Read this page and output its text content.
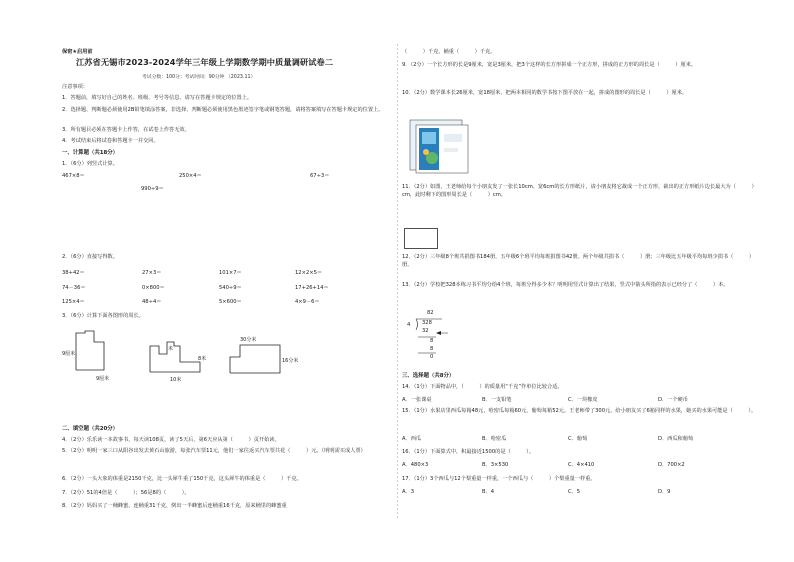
保密★启用前
江苏省无锡市2023-2024学年三年级上学期数学期中质量调研试卷二
考试分数：100分；考试时间：90分钟 （2023.11）
注意事项：
1．答题前，填写好自己的姓名、班级、考号等信息，请写在答题卡规定的位置上。
2．选择题、判断题必须使用2B铅笔填涂答案，非选择、判断题必须使用黑色墨迹签字笔或钢笔答题，请将答案填写在答题卡规定的位置上。
3．所有题目必须在答题卡上作答，在试卷上作答无效。
4．考试结束后将试卷和答题卡一并交回。
一、计算题（共18分）
1．（6分）列竖式计算。
467×8＝	250×4＝	67÷3＝
990÷9＝
2．（6分）直接写得数。
38+42＝	27×3＝	101×7＝	12×2×5＝
74－36＝	0×800＝	540÷9＝	17+26+14＝
125×4＝	48÷4＝	5×600＝	4×9－6＝
3．（6分）计算下面各图形的周长。
9厘米
9厘米
米
8米
10米
30分米
16分米
二、填空题（共20分）
4．（2分）乐乐读一本故事书，每天读108页，读了5天后，第6天应从第（　　　）页开始读。
5．（2分）明明一家三口从阳谷出发去黄石山旅游，每张汽车票11元，他们一家往返买汽车票共花（　　　）元。（明明需买成人票）
6．（2分）一头大象的体重是2150千克，比一头犀牛重了150千克，这头犀牛的体重是（　　　）千克。
7．（2分）51的4倍是（　　　）；56是8的（　　　）。
8．（2分）妈妈买了一桶蜂蜜，连桶重31千克，倒出一半蜂蜜后连桶重16千克，原来桶里的蜂蜜重
（　　　）千克，桶重（　　　）千克。
9．（2分）一个长方形的长是9厘米，宽是3厘米，把3个这样的长方形拼成一个正方形，拼成的正方形的周长是（　　　）厘米。
10．（2分）数学课本长26厘米，宽18厘米，把两本相同的数学书按下图平放在一起，拼成的图形的周长是（　　　）厘米。
11．（2分）如图，王老师给每个小朋友发了一张长10cm、宽6cm的长方形纸片，请小朋友将它裁成一个正方形，裁出的正方形纸片边长最大为（　　　）cm，此时剩下的图形周长是（　　　）cm。
12．（2分）三年级8个班共捐图书184册，五年级6个班平均每班捐图书42册。两个年级共捐书（　　　）册；三年级比五年级平均每班少捐书（　　　）册。
13．（2分）学校把328本练习书平均分给4个班，每班分得多少本？明明用竖式计算出了结果，竖式中箭头所指的表示已经分了（　　　）本。
82
4 328
32
8
8
0
三、选择题（共8分）
14．（1分）下面物品中，（　　　）的质量用“千克”作单位比较合适。
A．一张课桌	B．一支铅笔	C．一块橡皮	D．一个硬币
15．（1分）水果店里西瓜每箱48元，哈密瓜每箱60元，葡萄每箱52元。王老师带了300元，给小朋友买了6箱同样的水果，她买的水果可能是（　　　）。
A．西瓜	B．哈密瓜	C．葡萄	D．西瓜和葡萄
16．（1分）下面算式中，积最接近1500的是（　　　）。
A．480×3	B．3×530	C．4×410	D．700×2
17．（1分）3个西瓜与12个梨重量一样重，一个西瓜与（　　　）个梨重量一样重。
A．3	B．4	C．5	D．9
